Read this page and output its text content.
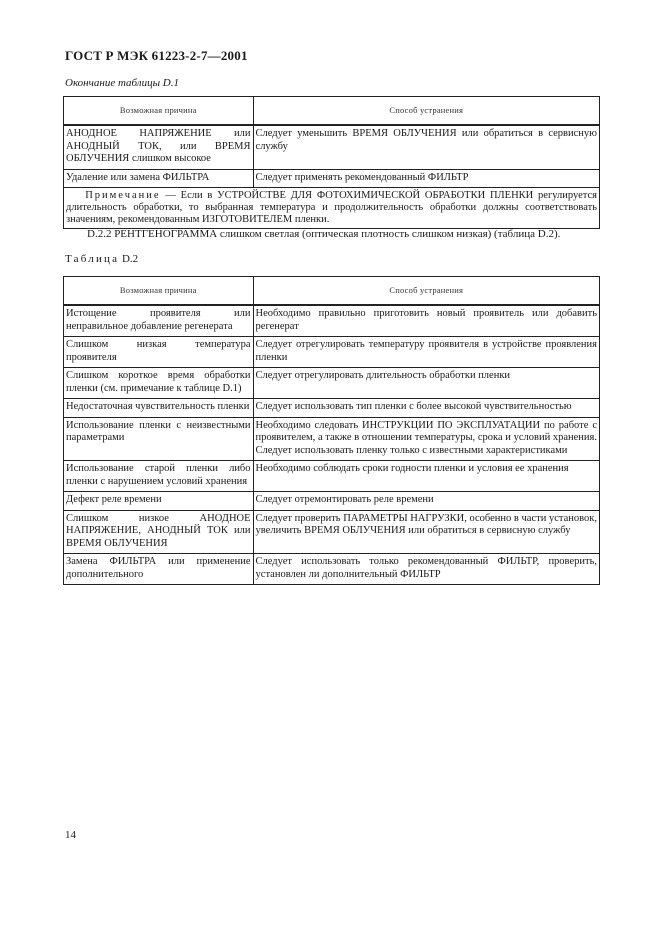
ГОСТ Р МЭК 61223-2-7—2001
Окончание таблицы D.1
Возможная причина	Способ устранения
АНОДНОЕ НАПРЯЖЕНИЕ или АНОДНЫЙ ТОК, или ВРЕМЯ ОБЛУЧЕНИЯ слишком высокое	Следует уменьшить ВРЕМЯ ОБЛУЧЕНИЯ или обратиться в сервисную службу
Удаление или замена ФИЛЬТРА	Следует применять рекомендованный ФИЛЬТР
Примечание — Если в УСТРОЙСТВЕ ДЛЯ ФОТОХИМИЧЕСКОЙ ОБРАБОТКИ ПЛЕНКИ регулируется длительность обработки, то выбранная температура и продолжительность обработки должны соответствовать значениям, рекомендованным ИЗГОТОВИТЕЛЕМ пленки.	
D.2.2 РЕНТГЕНОГРАММА слишком светлая (оптическая плотность слишком низкая) (таблица D.2).
Таблица D.2
Возможная причина	Способ устранения
Истощение проявителя или неправильное добавление регенерата	Необходимо правильно приготовить новый проявитель или добавить регенерат
Слишком низкая температура проявителя	Следует отрегулировать температуру проявителя в устройстве проявления пленки
Слишком короткое время обработки пленки (см. примечание к таблице D.1)	Следует отрегулировать длительность обработки пленки
Недостаточная чувствительность пленки	Следует использовать тип пленки с более высокой чувствительностью
Использование пленки с неизвестными параметрами	Необходимо следовать ИНСТРУКЦИИ ПО ЭКСПЛУАТАЦИИ по работе с проявителем, а также в отношении температуры, срока и условий хранения. Следует использовать пленку только с известными характеристиками
Использование старой пленки либо пленки с нарушением условий хранения	Необходимо соблюдать сроки годности пленки и условия ее хранения
Дефект реле времени	Следует отремонтировать реле времени
Слишком низкое АНОДНОЕ НАПРЯЖЕНИЕ, АНОДНЫЙ ТОК или ВРЕМЯ ОБЛУЧЕНИЯ	Следует проверить ПАРАМЕТРЫ НАГРУЗКИ, особенно в части установок, увеличить ВРЕМЯ ОБЛУЧЕНИЯ или обратиться в сервисную службу
Замена ФИЛЬТРА или применение дополнительного	Следует использовать только рекомендованный ФИЛЬТР, проверить, установлен ли дополнительный ФИЛЬТР
14
